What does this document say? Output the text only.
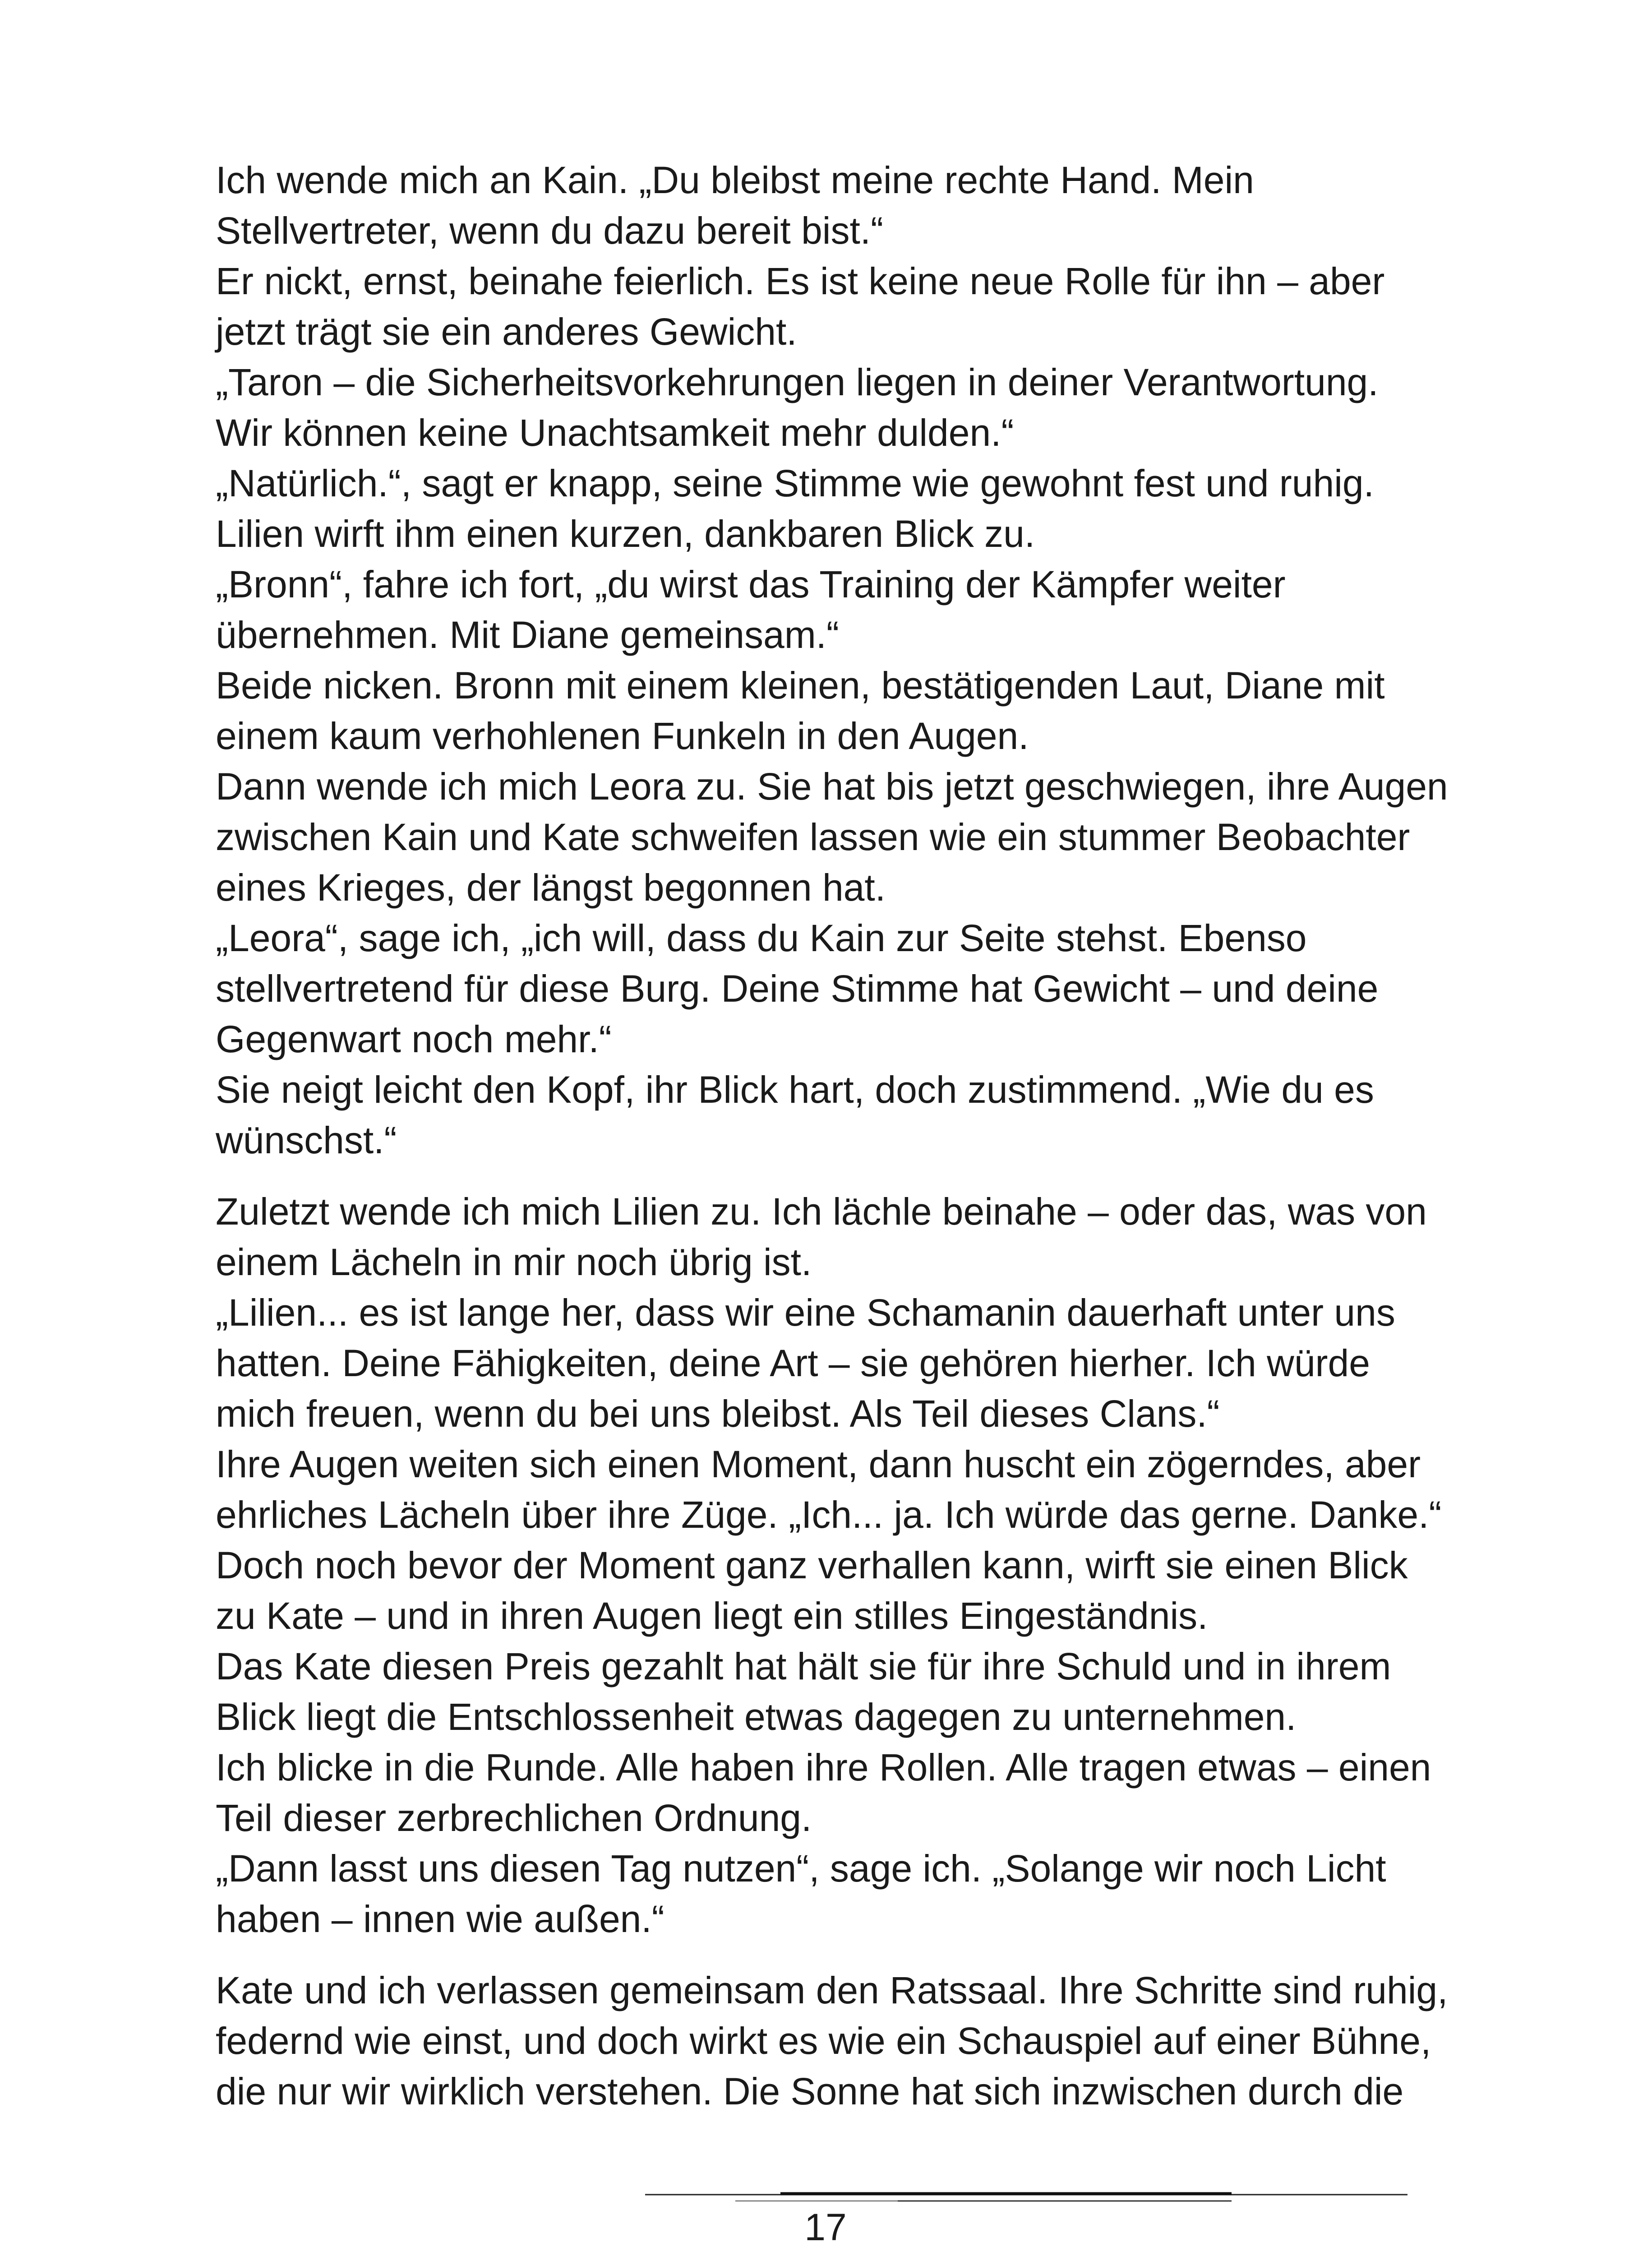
Ich wende mich an Kain. „Du bleibst meine rechte Hand. Mein
Stellvertreter, wenn du dazu bereit bist.“
Er nickt, ernst, beinahe feierlich. Es ist keine neue Rolle für ihn – aber
jetzt trägt sie ein anderes Gewicht.
„Taron – die Sicherheitsvorkehrungen liegen in deiner Verantwortung.
Wir können keine Unachtsamkeit mehr dulden.“
„Natürlich.“, sagt er knapp, seine Stimme wie gewohnt fest und ruhig.
Lilien wirft ihm einen kurzen, dankbaren Blick zu.
„Bronn“, fahre ich fort, „du wirst das Training der Kämpfer weiter
übernehmen. Mit Diane gemeinsam.“
Beide nicken. Bronn mit einem kleinen, bestätigenden Laut, Diane mit
einem kaum verhohlenen Funkeln in den Augen.
Dann wende ich mich Leora zu. Sie hat bis jetzt geschwiegen, ihre Augen
zwischen Kain und Kate schweifen lassen wie ein stummer Beobachter
eines Krieges, der längst begonnen hat.
„Leora“, sage ich, „ich will, dass du Kain zur Seite stehst. Ebenso
stellvertretend für diese Burg. Deine Stimme hat Gewicht – und deine
Gegenwart noch mehr.“
Sie neigt leicht den Kopf, ihr Blick hart, doch zustimmend. „Wie du es
wünschst.“

Zuletzt wende ich mich Lilien zu. Ich lächle beinahe – oder das, was von
einem Lächeln in mir noch übrig ist.
„Lilien... es ist lange her, dass wir eine Schamanin dauerhaft unter uns
hatten. Deine Fähigkeiten, deine Art – sie gehören hierher. Ich würde
mich freuen, wenn du bei uns bleibst. Als Teil dieses Clans.“
Ihre Augen weiten sich einen Moment, dann huscht ein zögerndes, aber
ehrliches Lächeln über ihre Züge. „Ich... ja. Ich würde das gerne. Danke.“
Doch noch bevor der Moment ganz verhallen kann, wirft sie einen Blick
zu Kate – und in ihren Augen liegt ein stilles Eingeständnis.
Das Kate diesen Preis gezahlt hat hält sie für ihre Schuld und in ihrem
Blick liegt die Entschlossenheit etwas dagegen zu unternehmen.
Ich blicke in die Runde. Alle haben ihre Rollen. Alle tragen etwas – einen
Teil dieser zerbrechlichen Ordnung.
„Dann lasst uns diesen Tag nutzen“, sage ich. „Solange wir noch Licht
haben – innen wie außen.“

Kate und ich verlassen gemeinsam den Ratssaal. Ihre Schritte sind ruhig,
federnd wie einst, und doch wirkt es wie ein Schauspiel auf einer Bühne,
die nur wir wirklich verstehen. Die Sonne hat sich inzwischen durch die

17
